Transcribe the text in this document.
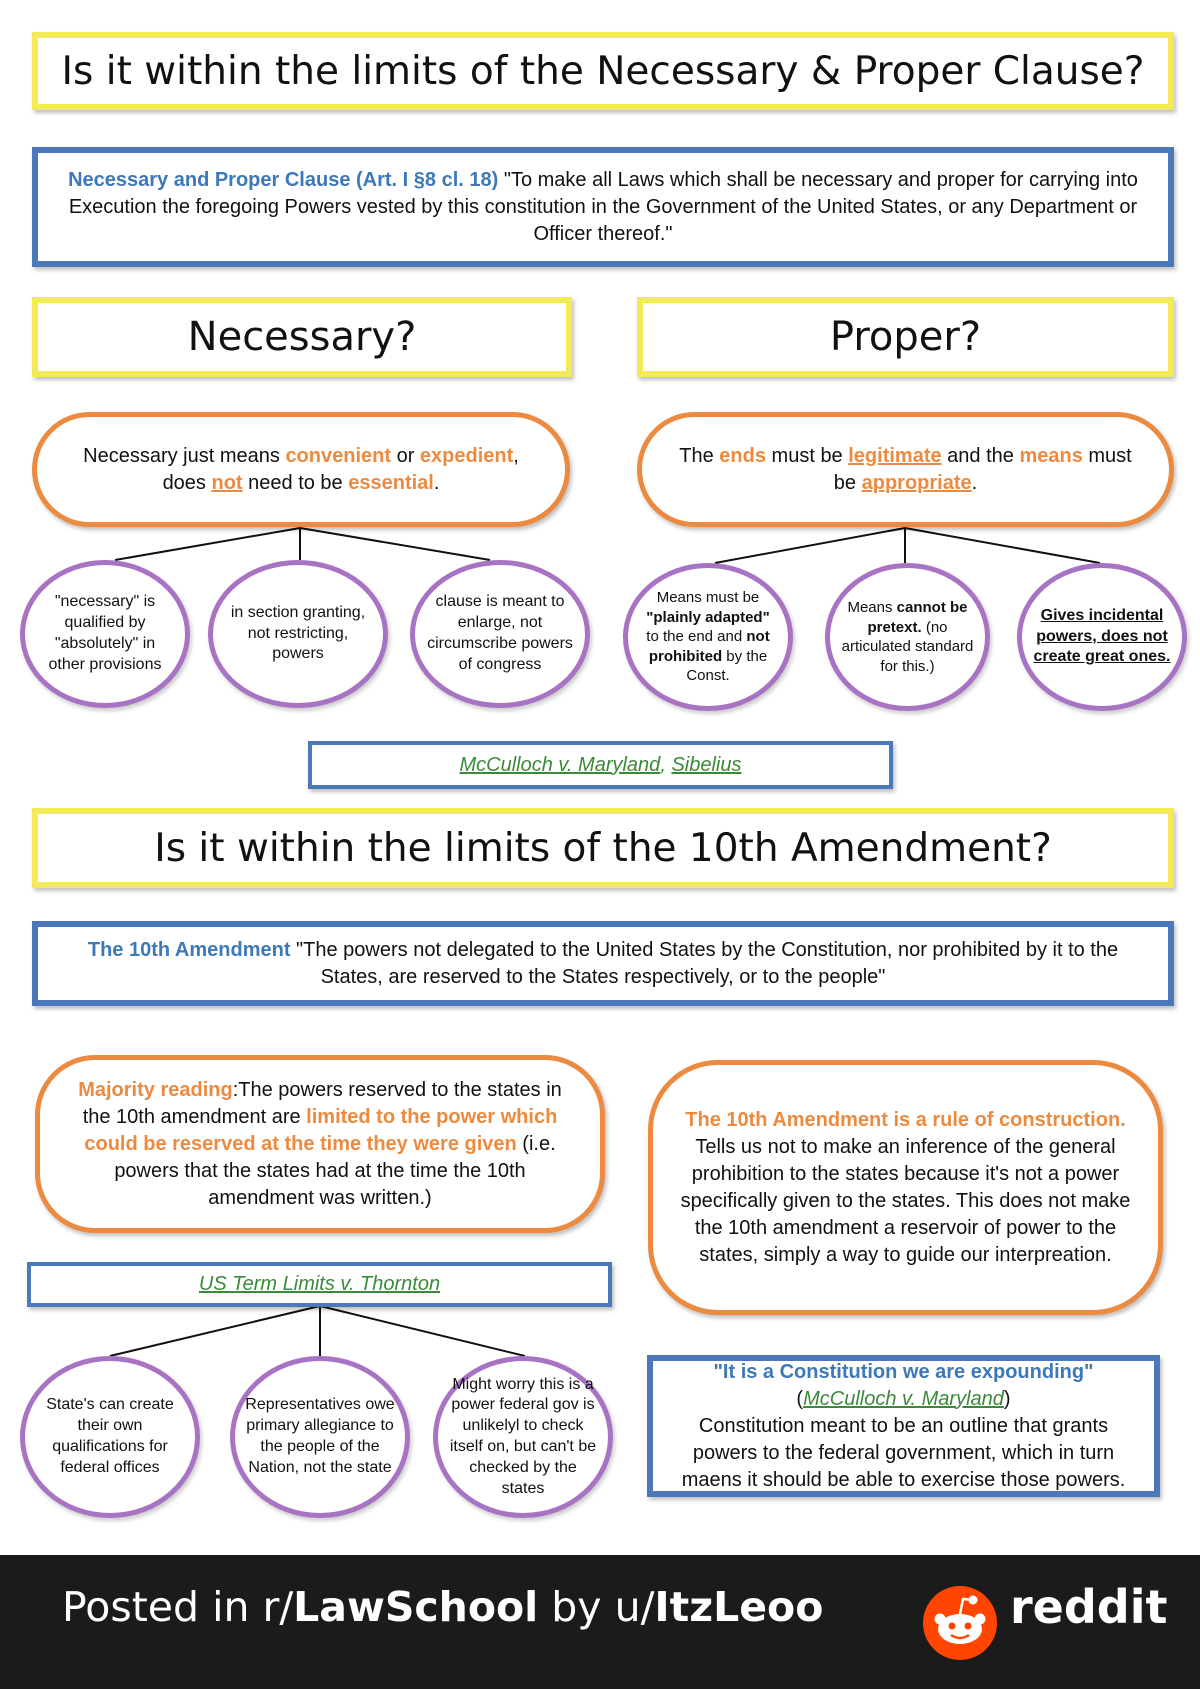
Is it within the limits of the Necessary & Proper Clause?
Necessary and Proper Clause (Art. I §8 cl. 18) "To make all Laws which shall be necessary and proper for carrying into Execution the foregoing Powers vested by this constitution in the Government of the United States, or any Department or Officer thereof."
Necessary?	Proper?
Necessary just means convenient or expedient, does not need to be essential.
The ends must be legitimate and the means must be appropriate.
"necessary" is qualified by "absolutely" in other provisions
in section granting, not restricting, powers
clause is meant to enlarge, not circumscribe powers of congress
Means must be "plainly adapted" to the end and not prohibited by the Const.
Means cannot be pretext. (no articulated standard for this.)
Gives incidental powers, does not create great ones.
McCulloch v. Maryland, Sibelius
Is it within the limits of the 10th Amendment?
The 10th Amendment "The powers not delegated to the United States by the Constitution, nor prohibited by it to the States, are reserved to the States respectively, or to the people"
Majority reading:The powers reserved to the states in the 10th amendment are limited to the power which could be reserved at the time they were given (i.e. powers that the states had at the time the 10th amendment was written.)
The 10th Amendment is a rule of construction. Tells us not to make an inference of the general prohibition to the states because it's not a power specifically given to the states. This does not make the 10th amendment a reservoir of power to the states, simply a way to guide our interpreation.
US Term Limits v. Thornton
State's can create their own qualifications for federal offices
Representatives owe primary allegiance to the people of the Nation, not the state
Might worry this is a power federal gov is unlikelyl to check itself on, but can't be checked by the states
"It is a Constitution we are expounding" (McCulloch v. Maryland)
Constitution meant to be an outline that grants powers to the federal government, which in turn maens it should be able to exercise those powers.
Posted in r/LawSchool by u/ItzLeoo	reddit
